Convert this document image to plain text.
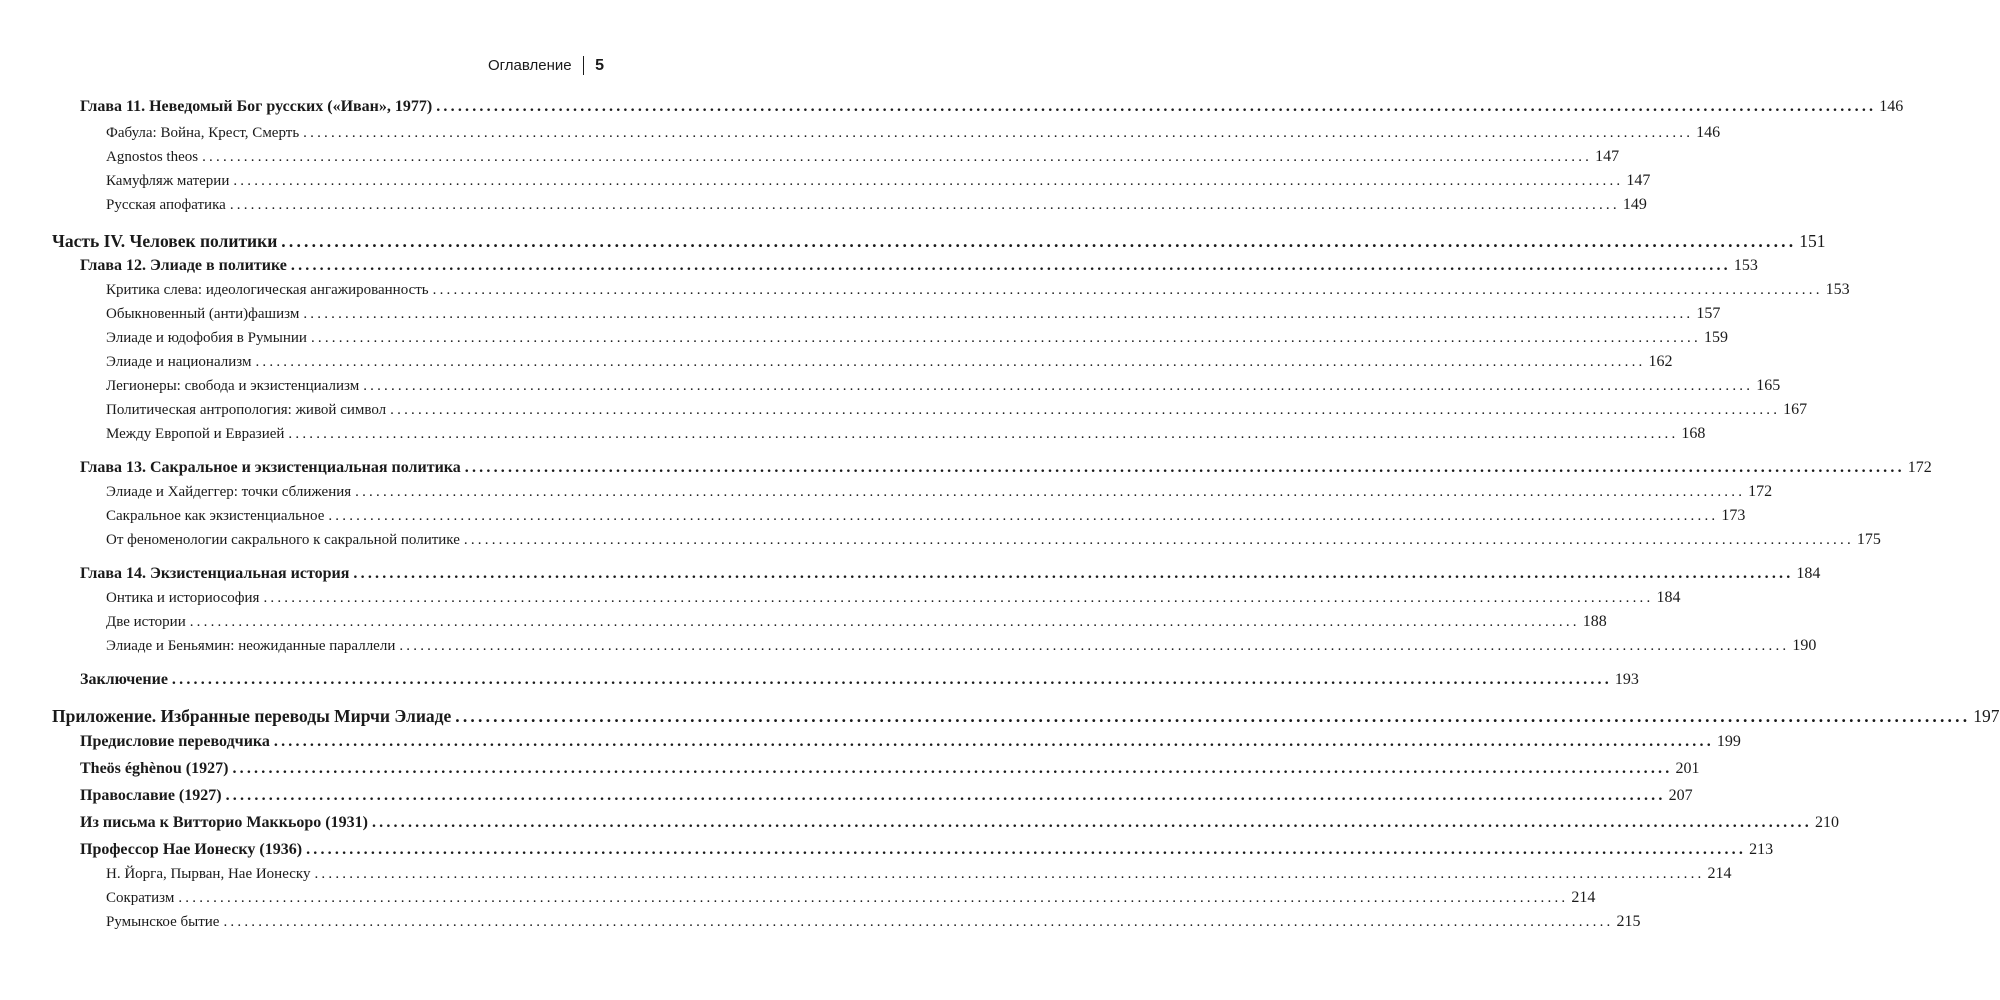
Оглавление 5
Глава 11. Неведомый Бог русских («Иван», 1977) ........................................................................................................................................................................................................ 146
Фабула: Война, Крест, Смерть ........................................................................................................................................................................................................ 146
Agnostos theos ........................................................................................................................................................................................................ 147
Камуфляж материи ........................................................................................................................................................................................................ 147
Русская апофатика ........................................................................................................................................................................................................ 149
Часть IV. Человек политики ........................................................................................................................................................................................................ 151
Глава 12. Элиаде в политике ........................................................................................................................................................................................................ 153
Критика слева: идеологическая ангажированность ........................................................................................................................................................................................................ 153
Обыкновенный (анти)фашизм ........................................................................................................................................................................................................ 157
Элиаде и юдофобия в Румынии ........................................................................................................................................................................................................ 159
Элиаде и национализм ........................................................................................................................................................................................................ 162
Легионеры: свобода и экзистенциализм ........................................................................................................................................................................................................ 165
Политическая антропология: живой символ ........................................................................................................................................................................................................ 167
Между Европой и Евразией ........................................................................................................................................................................................................ 168
Глава 13. Сакральное и экзистенциальная политика ........................................................................................................................................................................................................ 172
Элиаде и Хайдеггер: точки сближения ........................................................................................................................................................................................................ 172
Сакральное как экзистенциальное ........................................................................................................................................................................................................ 173
От феноменологии сакрального к сакральной политике ........................................................................................................................................................................................................ 175
Глава 14. Экзистенциальная история ........................................................................................................................................................................................................ 184
Онтика и историософия ........................................................................................................................................................................................................ 184
Две истории ........................................................................................................................................................................................................ 188
Элиаде и Беньямин: неожиданные параллели ........................................................................................................................................................................................................ 190
Заключение ........................................................................................................................................................................................................ 193
Приложение. Избранные переводы Мирчи Элиаде ........................................................................................................................................................................................................ 197
Предисловие переводчика ........................................................................................................................................................................................................ 199
Theös éghènou (1927) ........................................................................................................................................................................................................ 201
Православие (1927) ........................................................................................................................................................................................................ 207
Из письма к Витторио Маккьоро (1931) ........................................................................................................................................................................................................ 210
Профессор Нае Ионеску (1936) ........................................................................................................................................................................................................ 213
Н. Йорга, Пырван, Нае Ионеску ........................................................................................................................................................................................................ 214
Сократизм ........................................................................................................................................................................................................ 214
Румынское бытие ........................................................................................................................................................................................................ 215
